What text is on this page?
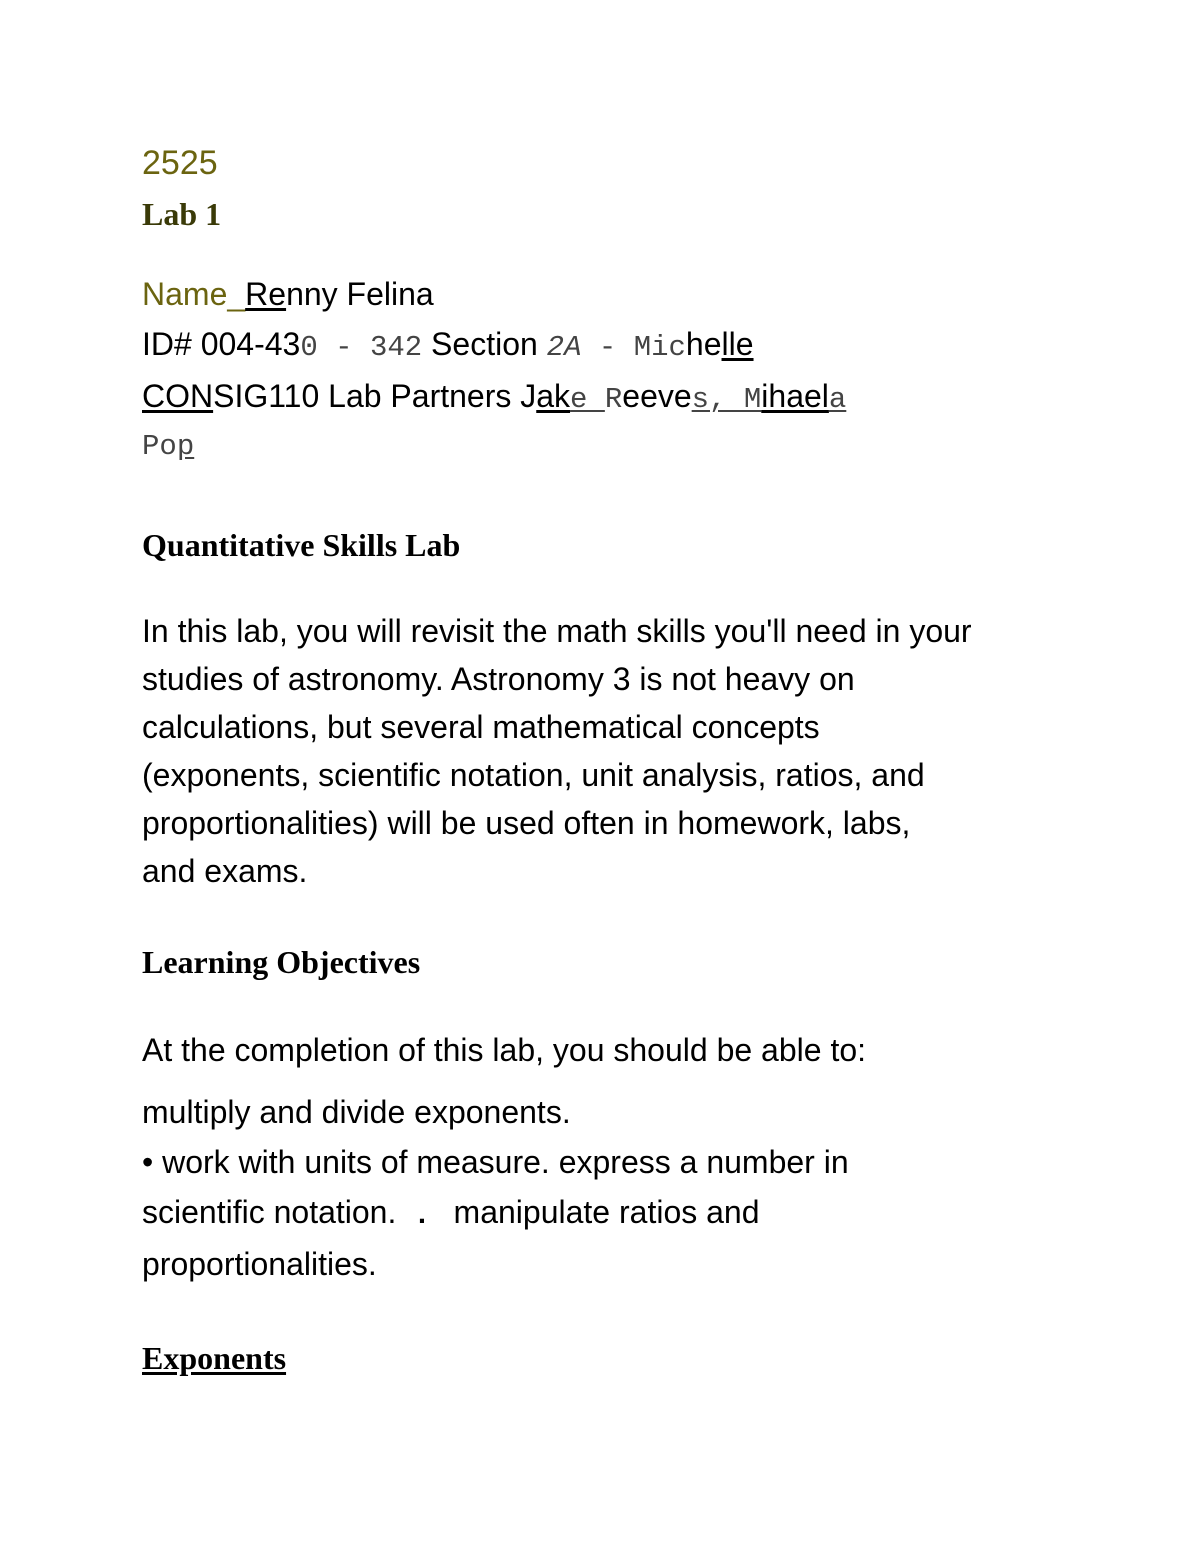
2525
Lab 1
Name_Renny Felina
ID# 004-430 - 342 Section 2A - Michelle
CONSIG110 Lab Partners Jake Reeves, Mihaela
Pop
Quantitative Skills Lab
In this lab, you will revisit the math skills you'll need in your
studies of astronomy. Astronomy 3 is not heavy on
calculations, but several mathematical concepts
(exponents, scientific notation, unit analysis, ratios, and
proportionalities) will be used often in homework, labs,
and exams.
Learning Objectives
At the completion of this lab, you should be able to:
multiply and divide exponents.
• work with units of measure. express a number in
scientific notation. . manipulate ratios and
proportionalities.
Exponents
